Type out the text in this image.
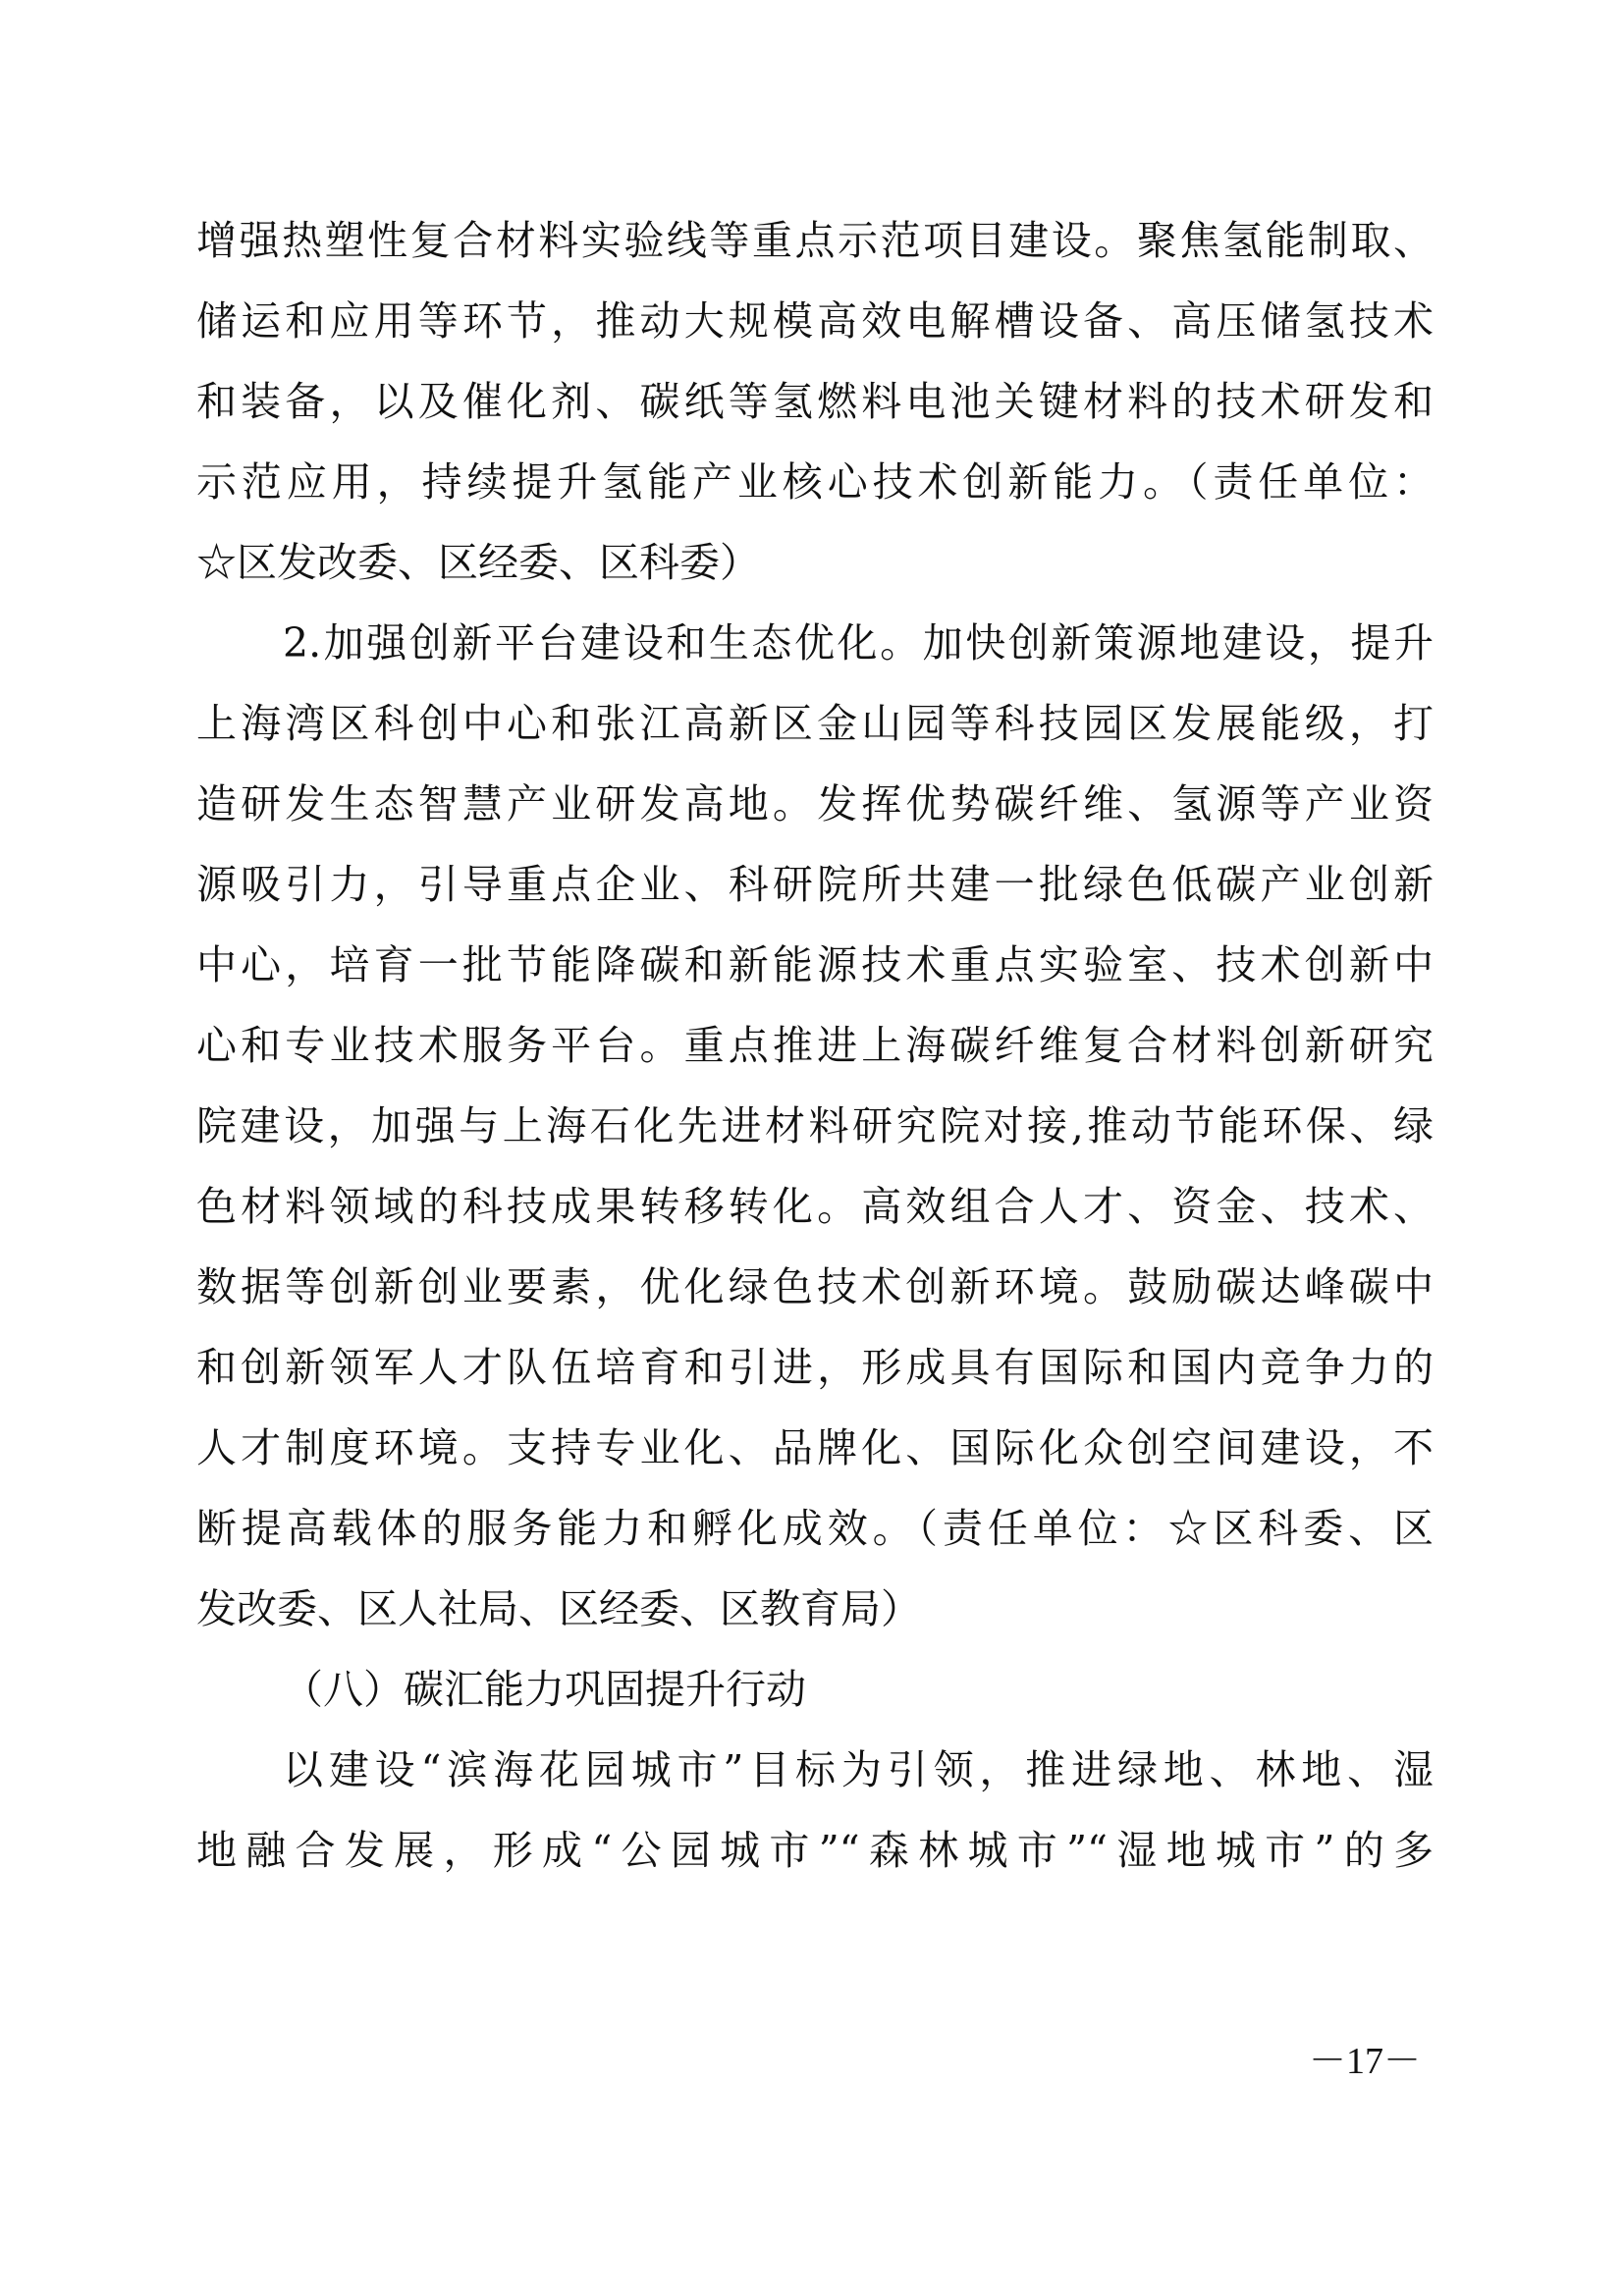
增强热塑性复合材料实验线等重点示范项目建设。聚焦氢能制取、
储运和应用等环节，推动大规模高效电解槽设备、高压储氢技术
和装备，以及催化剂、碳纸等氢燃料电池关键材料的技术研发和
示范应用，持续提升氢能产业核心技术创新能力。（责任单位：
☆区发改委、区经委、区科委）
2.加强创新平台建设和生态优化。加快创新策源地建设，提升
上海湾区科创中心和张江高新区金山园等科技园区发展能级，打
造研发生态智慧产业研发高地。发挥优势碳纤维、氢源等产业资
源吸引力，引导重点企业、科研院所共建一批绿色低碳产业创新
中心，培育一批节能降碳和新能源技术重点实验室、技术创新中
心和专业技术服务平台。重点推进上海碳纤维复合材料创新研究
院建设，加强与上海石化先进材料研究院对接,推动节能环保、绿
色材料领域的科技成果转移转化。高效组合人才、资金、技术、
数据等创新创业要素，优化绿色技术创新环境。鼓励碳达峰碳中
和创新领军人才队伍培育和引进，形成具有国际和国内竞争力的
人才制度环境。支持专业化、品牌化、国际化众创空间建设，不
断提高载体的服务能力和孵化成效。（责任单位：☆区科委、区
发改委、区人社局、区经委、区教育局）
（八）碳汇能力巩固提升行动
以建设“滨海花园城市”目标为引领，推进绿地、林地、湿
地融合发展，形成“公园城市”“森林城市”“湿地城市”的多
－17－
